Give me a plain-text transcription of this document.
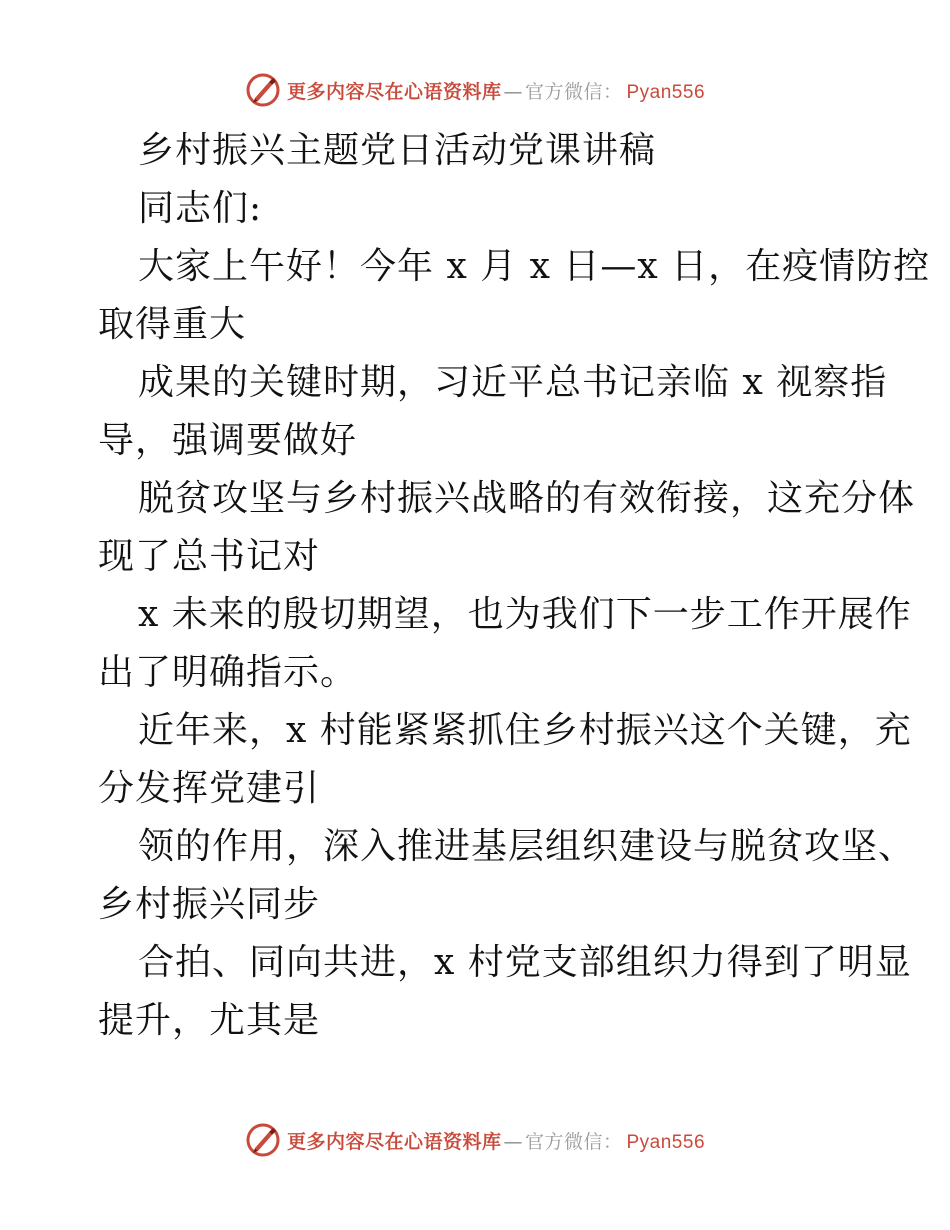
更多内容尽在心语资料库 — 官方微信： Pyan556
乡村振兴主题党日活动党课讲稿
同志们:
大家上午好！今年 x 月 x 日—x 日，在疫情防控
取得重大
成果的关键时期，习近平总书记亲临 x 视察指
导，强调要做好
脱贫攻坚与乡村振兴战略的有效衔接，这充分体
现了总书记对
x 未来的殷切期望，也为我们下一步工作开展作
出了明确指示。
近年来，x 村能紧紧抓住乡村振兴这个关键，充
分发挥党建引
领的作用，深入推进基层组织建设与脱贫攻坚、
乡村振兴同步
合拍、同向共进，x 村党支部组织力得到了明显
提升，尤其是
更多内容尽在心语资料库 — 官方微信： Pyan556
